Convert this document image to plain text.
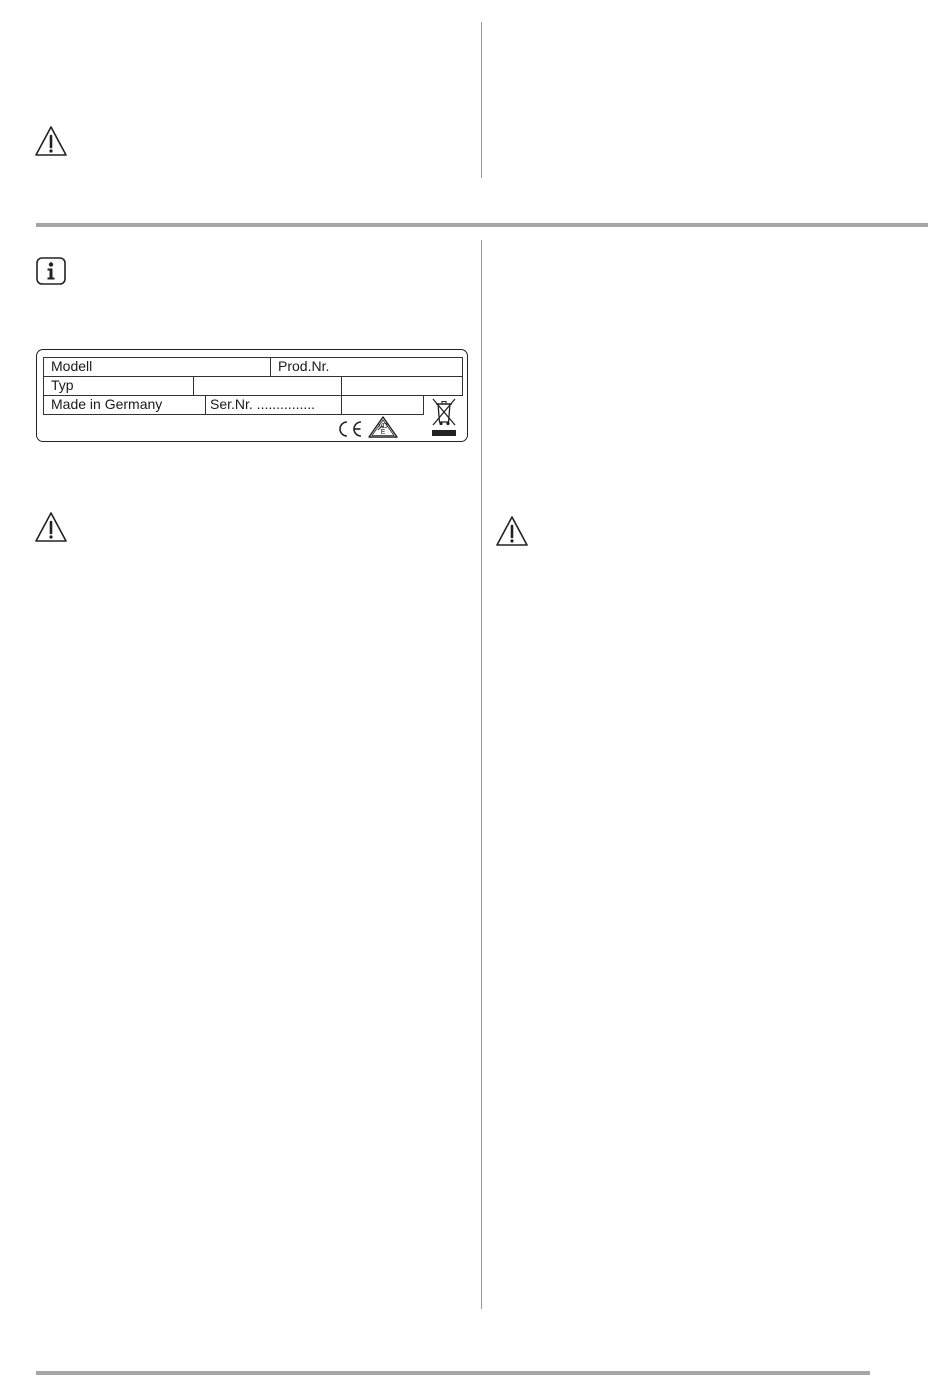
Modell	Prod.Nr.
Typ
Made in Germany	Ser.Nr. ...............
VDE
